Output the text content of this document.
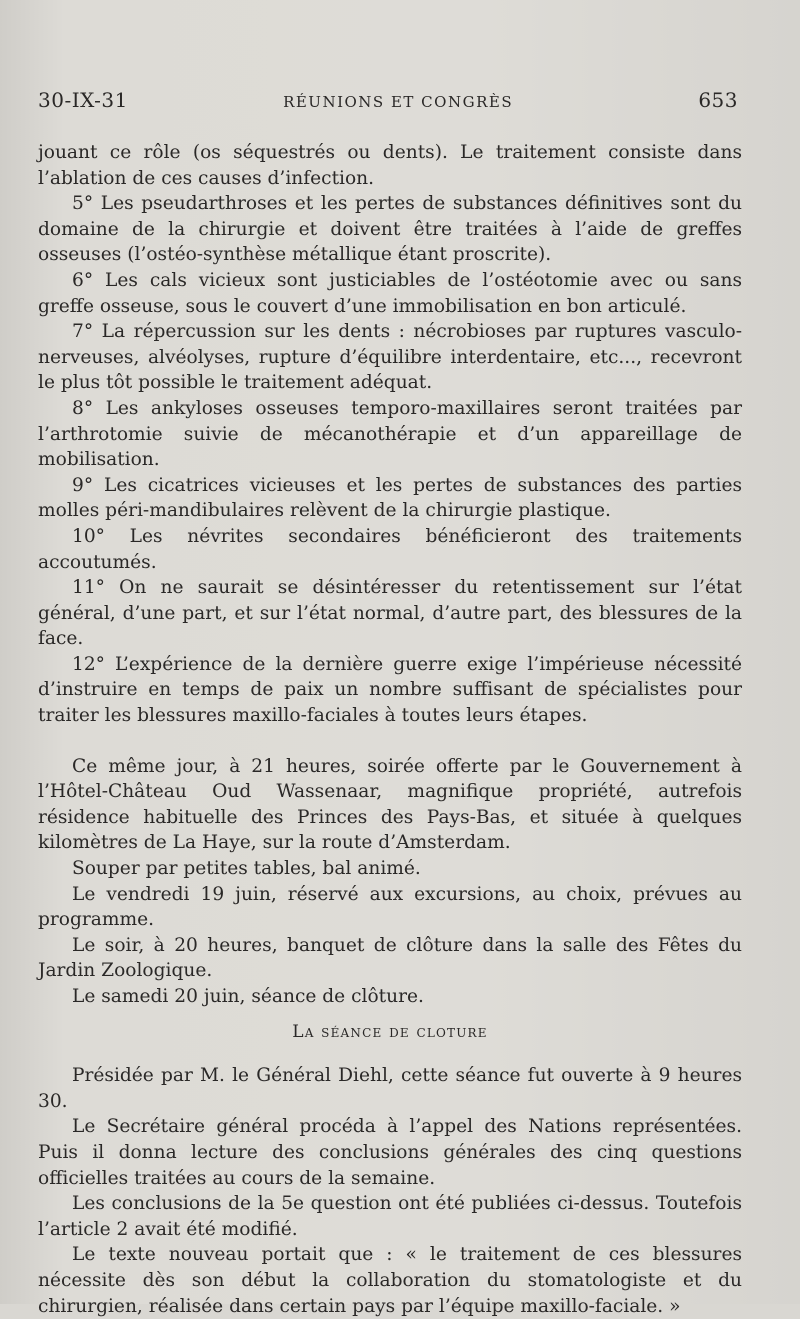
30-IX-31	RÉUNIONS ET CONGRÈS	653

jouant ce rôle (os séquestrés ou dents). Le traitement consiste dans l’ablation de ces causes d’infection.

5° Les pseudarthroses et les pertes de substances définitives sont du domaine de la chirurgie et doivent être traitées à l’aide de greffes osseuses (l’ostéo-synthèse métallique étant proscrite).

6° Les cals vicieux sont justiciables de l’ostéotomie avec ou sans greffe osseuse, sous le couvert d’une immobilisation en bon articulé.

7° La répercussion sur les dents : nécrobioses par ruptures vasculo-nerveuses, alvéolyses, rupture d’équilibre interdentaire, etc..., recevront le plus tôt possible le traitement adéquat.

8° Les ankyloses osseuses temporo-maxillaires seront traitées par l’arthrotomie suivie de mécanothérapie et d’un appareillage de mobilisation.

9° Les cicatrices vicieuses et les pertes de substances des parties molles péri-mandibulaires relèvent de la chirurgie plastique.

10° Les névrites secondaires bénéficieront des traitements accoutumés.

11° On ne saurait se désintéresser du retentissement sur l’état général, d’une part, et sur l’état normal, d’autre part, des blessures de la face.

12° L’expérience de la dernière guerre exige l’impérieuse nécessité d’instruire en temps de paix un nombre suffisant de spécialistes pour traiter les blessures maxillo-faciales à toutes leurs étapes.

Ce même jour, à 21 heures, soirée offerte par le Gouvernement à l’Hôtel-Château Oud Wassenaar, magnifique propriété, autrefois résidence habituelle des Princes des Pays-Bas, et située à quelques kilomètres de La Haye, sur la route d’Amsterdam.

Souper par petites tables, bal animé.

Le vendredi 19 juin, réservé aux excursions, au choix, prévues au programme.

Le soir, à 20 heures, banquet de clôture dans la salle des Fêtes du Jardin Zoologique.

Le samedi 20 juin, séance de clôture.

La séance de cloture

Présidée par M. le Général Diehl, cette séance fut ouverte à 9 heures 30.

Le Secrétaire général procéda à l’appel des Nations représentées. Puis il donna lecture des conclusions générales des cinq questions officielles traitées au cours de la semaine.

Les conclusions de la 5e question ont été publiées ci-dessus. Toutefois l’article 2 avait été modifié.

Le texte nouveau portait que : « le traitement de ces blessures nécessite dès son début la collaboration du stomatologiste et du chirurgien, réalisée dans certain pays par l’équipe maxillo-faciale. »
